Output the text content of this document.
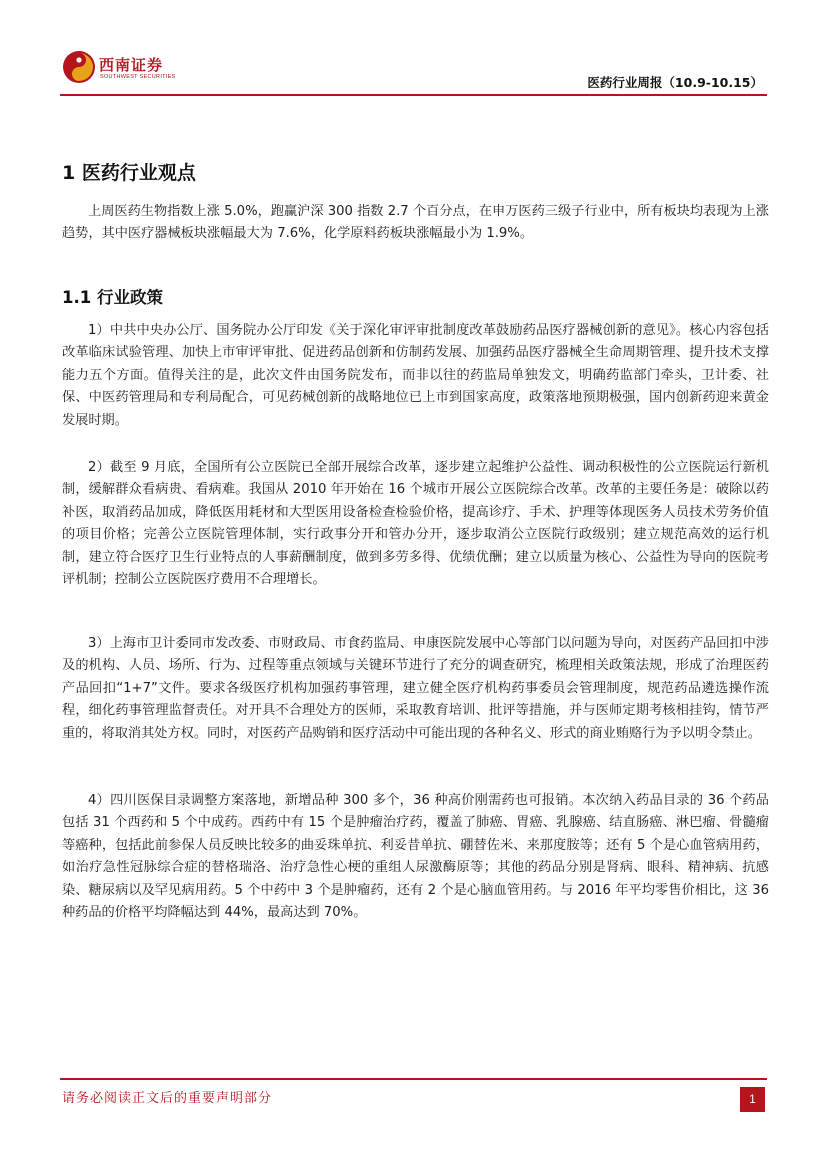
西南证券
SOUTHWEST SECURITIES	医药行业周报（10.9-10.15）
1 医药行业观点

上周医药生物指数上涨 5.0%，跑赢沪深 300 指数 2.7 个百分点，在申万医药三级子行业中，所有板块均表现为上涨趋势，其中医疗器械板块涨幅最大为 7.6%，化学原料药板块涨幅最小为 1.9%。

1.1 行业政策

1）中共中央办公厅、国务院办公厅印发《关于深化审评审批制度改革鼓励药品医疗器械创新的意见》。核心内容包括改革临床试验管理、加快上市审评审批、促进药品创新和仿制药发展、加强药品医疗器械全生命周期管理、提升技术支撑能力五个方面。值得关注的是，此次文件由国务院发布，而非以往的药监局单独发文，明确药监部门牵头，卫计委、社保、中医药管理局和专利局配合，可见药械创新的战略地位已上市到国家高度，政策落地预期极强，国内创新药迎来黄金发展时期。

2）截至 9 月底，全国所有公立医院已全部开展综合改革，逐步建立起维护公益性、调动积极性的公立医院运行新机制，缓解群众看病贵、看病难。我国从 2010 年开始在 16 个城市开展公立医院综合改革。改革的主要任务是：破除以药补医，取消药品加成，降低医用耗材和大型医用设备检查检验价格，提高诊疗、手术、护理等体现医务人员技术劳务价值的项目价格；完善公立医院管理体制，实行政事分开和管办分开，逐步取消公立医院行政级别；建立规范高效的运行机制，建立符合医疗卫生行业特点的人事薪酬制度，做到多劳多得、优绩优酬；建立以质量为核心、公益性为导向的医院考评机制；控制公立医院医疗费用不合理增长。

3）上海市卫计委同市发改委、市财政局、市食药监局、申康医院发展中心等部门以问题为导向，对医药产品回扣中涉及的机构、人员、场所、行为、过程等重点领域与关键环节进行了充分的调查研究，梳理相关政策法规，形成了治理医药产品回扣“1+7”文件。要求各级医疗机构加强药事管理，建立健全医疗机构药事委员会管理制度，规范药品遴选操作流程，细化药事管理监督责任。对开具不合理处方的医师，采取教育培训、批评等措施，并与医师定期考核相挂钩，情节严重的，将取消其处方权。同时，对医药产品购销和医疗活动中可能出现的各种名义、形式的商业贿赂行为予以明令禁止。

4）四川医保目录调整方案落地，新增品种 300 多个，36 种高价刚需药也可报销。本次纳入药品目录的 36 个药品包括 31 个西药和 5 个中成药。西药中有 15 个是肿瘤治疗药，覆盖了肺癌、胃癌、乳腺癌、结直肠癌、淋巴瘤、骨髓瘤等癌种，包括此前参保人员反映比较多的曲妥珠单抗、利妥昔单抗、硼替佐米、来那度胺等；还有 5 个是心血管病用药，如治疗急性冠脉综合症的替格瑞洛、治疗急性心梗的重组人尿激酶原等；其他的药品分别是肾病、眼科、精神病、抗感染、糖尿病以及罕见病用药。5 个中药中 3 个是肿瘤药，还有 2 个是心脑血管用药。与 2016 年平均零售价相比，这 36 种药品的价格平均降幅达到 44%，最高达到 70%。

请务必阅读正文后的重要声明部分	1
